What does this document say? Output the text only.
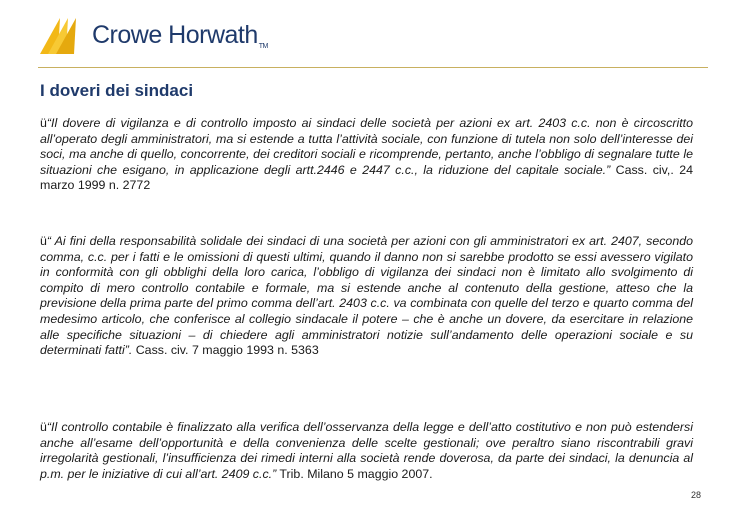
Crowe HorwathTM
I doveri dei sindaci
ü“Il dovere di vigilanza e di controllo imposto ai sindaci delle società per azioni ex art. 2403 c.c. non è circoscritto all’operato degli amministratori, ma si estende a tutta l’attività sociale, con funzione di tutela non solo dell’interesse dei soci, ma anche di quello, concorrente, dei creditori sociali e ricomprende, pertanto, anche l’obbligo di segnalare tutte le situazioni che esigano, in applicazione degli artt.2446 e 2447 c.c., la riduzione del capitale sociale.” Cass. civ,. 24 marzo 1999 n. 2772
ü“ Ai fini della responsabilità solidale dei sindaci di una società per azioni con gli amministratori ex art. 2407, secondo comma, c.c. per i fatti e le omissioni di questi ultimi, quando il danno non si sarebbe prodotto se essi avessero vigilato in conformità con gli obblighi della loro carica, l’obbligo di vigilanza dei sindaci non è limitato allo svolgimento di compito di mero controllo contabile e formale, ma si estende anche al contenuto della gestione, atteso che la previsione della prima parte del primo comma dell’art. 2403 c.c. va combinata con quelle del terzo e quarto comma del medesimo articolo, che conferisce al collegio sindacale il potere – che è anche un dovere, da esercitare in relazione alle specifiche situazioni – di chiedere agli amministratori notizie sull’andamento delle operazioni sociale e su determinati fatti”. Cass. civ. 7 maggio 1993 n. 5363
ü“Il controllo contabile è finalizzato alla verifica dell’osservanza della legge e dell’atto costitutivo e non può estendersi anche all’esame dell’opportunità e della convenienza delle scelte gestionali; ove peraltro siano riscontrabili gravi irregolarità gestionali, l’insufficienza dei rimedi interni alla società rende doverosa, da parte dei sindaci, la denuncia al p.m. per le iniziative di cui all’art. 2409 c.c.” Trib. Milano 5 maggio 2007.
28
